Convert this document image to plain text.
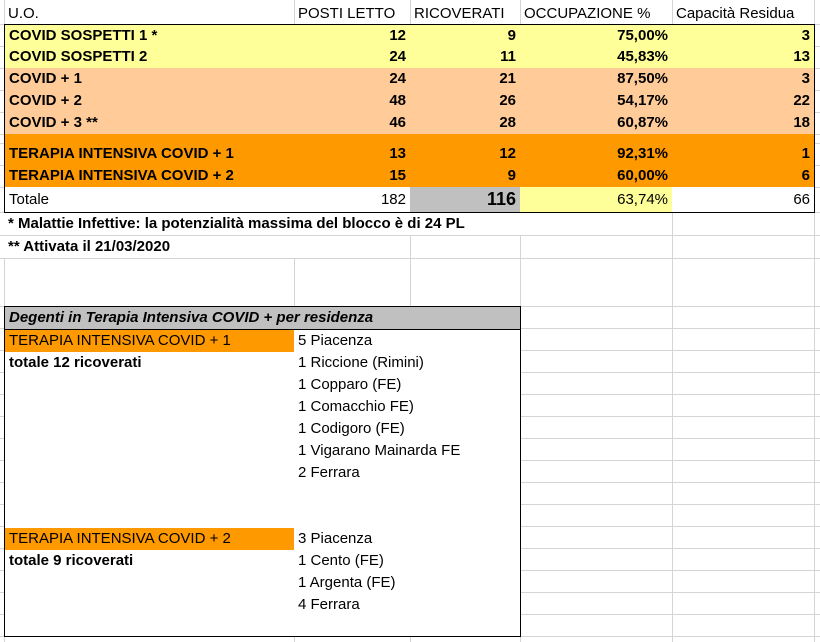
U.O.	POSTI LETTO	RICOVERATI	OCCUPAZIONE %	Capacità Residua
COVID SOSPETTI 1 *	12	9	75,00%	3
COVID SOSPETTI 2	24	11	45,83%	13
COVID + 1	24	21	87,50%	3
COVID + 2	48	26	54,17%	22
COVID + 3 **	46	28	60,87%	18
TERAPIA INTENSIVA COVID + 1	13	12	92,31%	1
TERAPIA INTENSIVA COVID + 2	15	9	60,00%	6
Totale	182	116	63,74%	66
* Malattie Infettive: la potenzialità massima del blocco è di 24 PL
** Attivata il 21/03/2020
Degenti in Terapia Intensiva COVID + per residenza
TERAPIA INTENSIVA COVID + 1
totale 12 ricoverati
5 Piacenza
1 Riccione (Rimini)
1 Copparo (FE)
1 Comacchio FE)
1 Codigoro (FE)
1 Vigarano Mainarda FE
2 Ferrara
TERAPIA INTENSIVA COVID + 2
totale 9 ricoverati
3 Piacenza
1 Cento (FE)
1 Argenta (FE)
4 Ferrara
